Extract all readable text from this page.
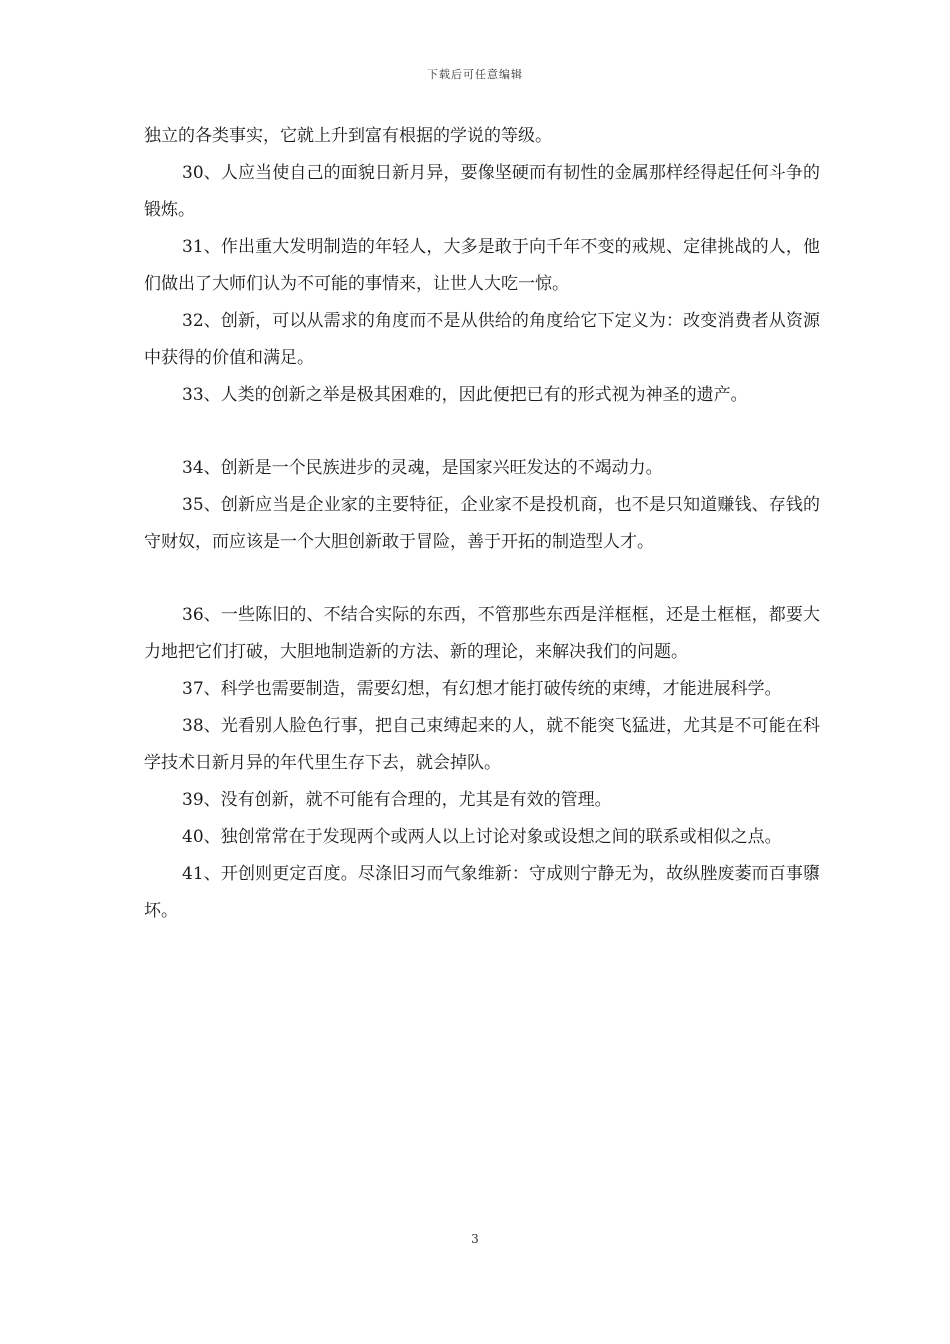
下载后可任意编辑

独立的各类事实，它就上升到富有根据的学说的等级。

30、人应当使自己的面貌日新月异，要像坚硬而有韧性的金属那样经得起任何斗争的锻炼。

31、作出重大发明制造的年轻人，大多是敢于向千年不变的戒规、定律挑战的人，他们做出了大师们认为不可能的事情来，让世人大吃一惊。

32、创新，可以从需求的角度而不是从供给的角度给它下定义为：改变消费者从资源中获得的价值和满足。

33、人类的创新之举是极其困难的，因此便把已有的形式视为神圣的遗产。

34、创新是一个民族进步的灵魂，是国家兴旺发达的不竭动力。

35、创新应当是企业家的主要特征，企业家不是投机商，也不是只知道赚钱、存钱的守财奴，而应该是一个大胆创新敢于冒险，善于开拓的制造型人才。

36、一些陈旧的、不结合实际的东西，不管那些东西是洋框框，还是土框框，都要大力地把它们打破，大胆地制造新的方法、新的理论，来解决我们的问题。

37、科学也需要制造，需要幻想，有幻想才能打破传统的束缚，才能进展科学。

38、光看别人脸色行事，把自己束缚起来的人，就不能突飞猛进，尤其是不可能在科学技术日新月异的年代里生存下去，就会掉队。

39、没有创新，就不可能有合理的，尤其是有效的管理。

40、独创常常在于发现两个或两人以上讨论对象或设想之间的联系或相似之点。

41、开创则更定百度。尽涤旧习而气象维新：守成则宁静无为，故纵脞废萎而百事隳坏。

3
